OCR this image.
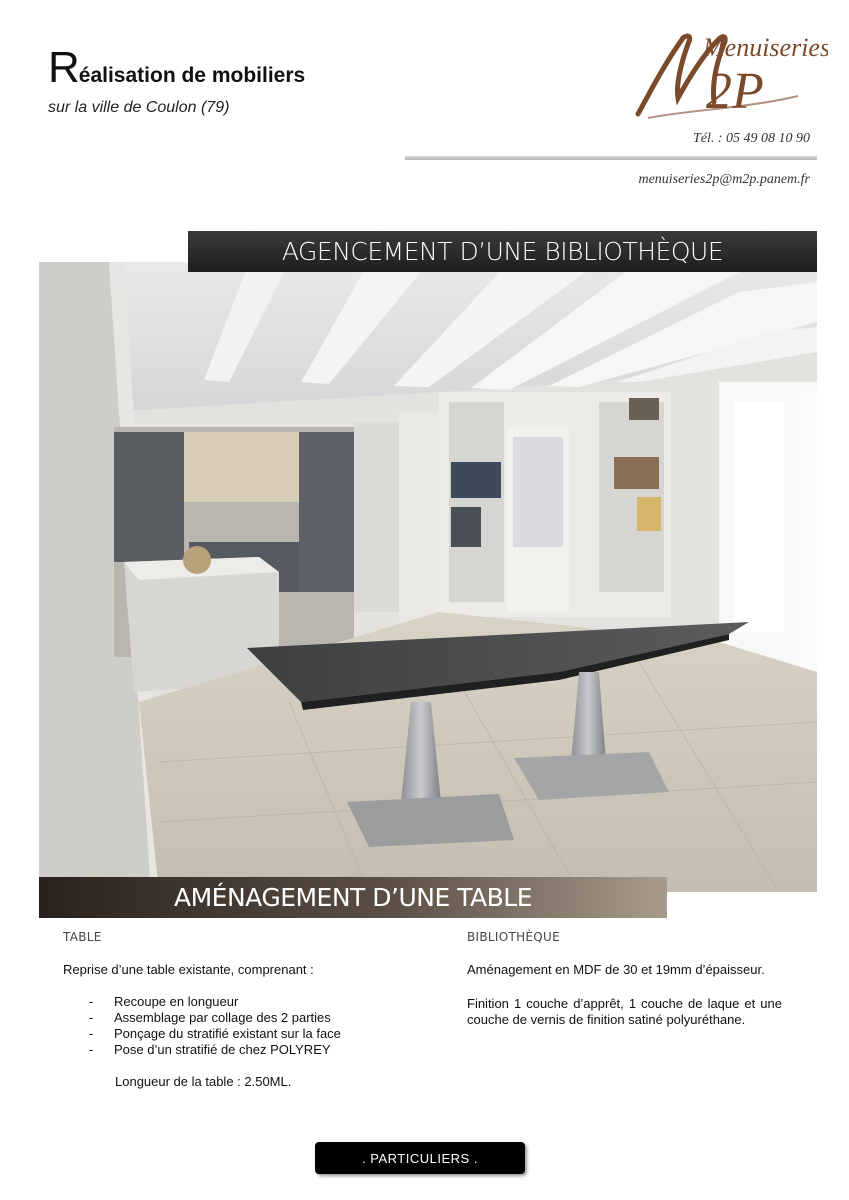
Réalisation de mobiliers
sur la ville de Coulon (79)
Menuiseries
2P
Tél. : 05 49 08 10 90
menuiseries2p@m2p.panem.fr
AGENCEMENT D’UNE BIBLIOTHÈQUE
AMÉNAGEMENT D’UNE TABLE
TABLE
Reprise d’une table existante, comprenant :
- Recoupe en longueur
- Assemblage par collage des 2 parties
- Ponçage du stratifié existant sur la face
- Pose d’un stratifié de chez POLYREY
Longueur de la table : 2.50ML.
BIBLIOTHÈQUE
Aménagement en MDF de 30 et 19mm d’épaisseur.
Finition 1 couche d’apprêt, 1 couche de laque et une couche de vernis de finition satiné polyuréthane.
. PARTICULIERS .
